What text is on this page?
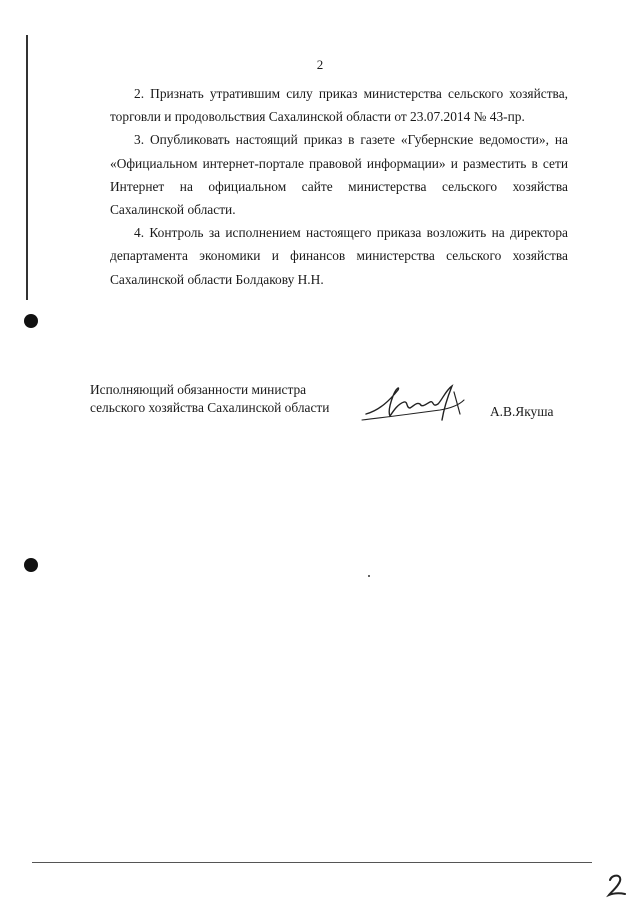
2

2. Признать утратившим силу приказ министерства сельского хозяйства, торговли и продовольствия Сахалинской области от 23.07.2014 № 43-пр.

3. Опубликовать настоящий приказ в газете «Губернские ведомости», на «Официальном интернет-портале правовой информации» и разместить в сети Интернет на официальном сайте министерства сельского хозяйства Сахалинской области.

4. Контроль за исполнением настоящего приказа возложить на директора департамента экономики и финансов министерства сельского хозяйства Сахалинской области Болдакову Н.Н.

Исполняющий обязанности министра
сельского хозяйства Сахалинской области	А.В.Якуша
